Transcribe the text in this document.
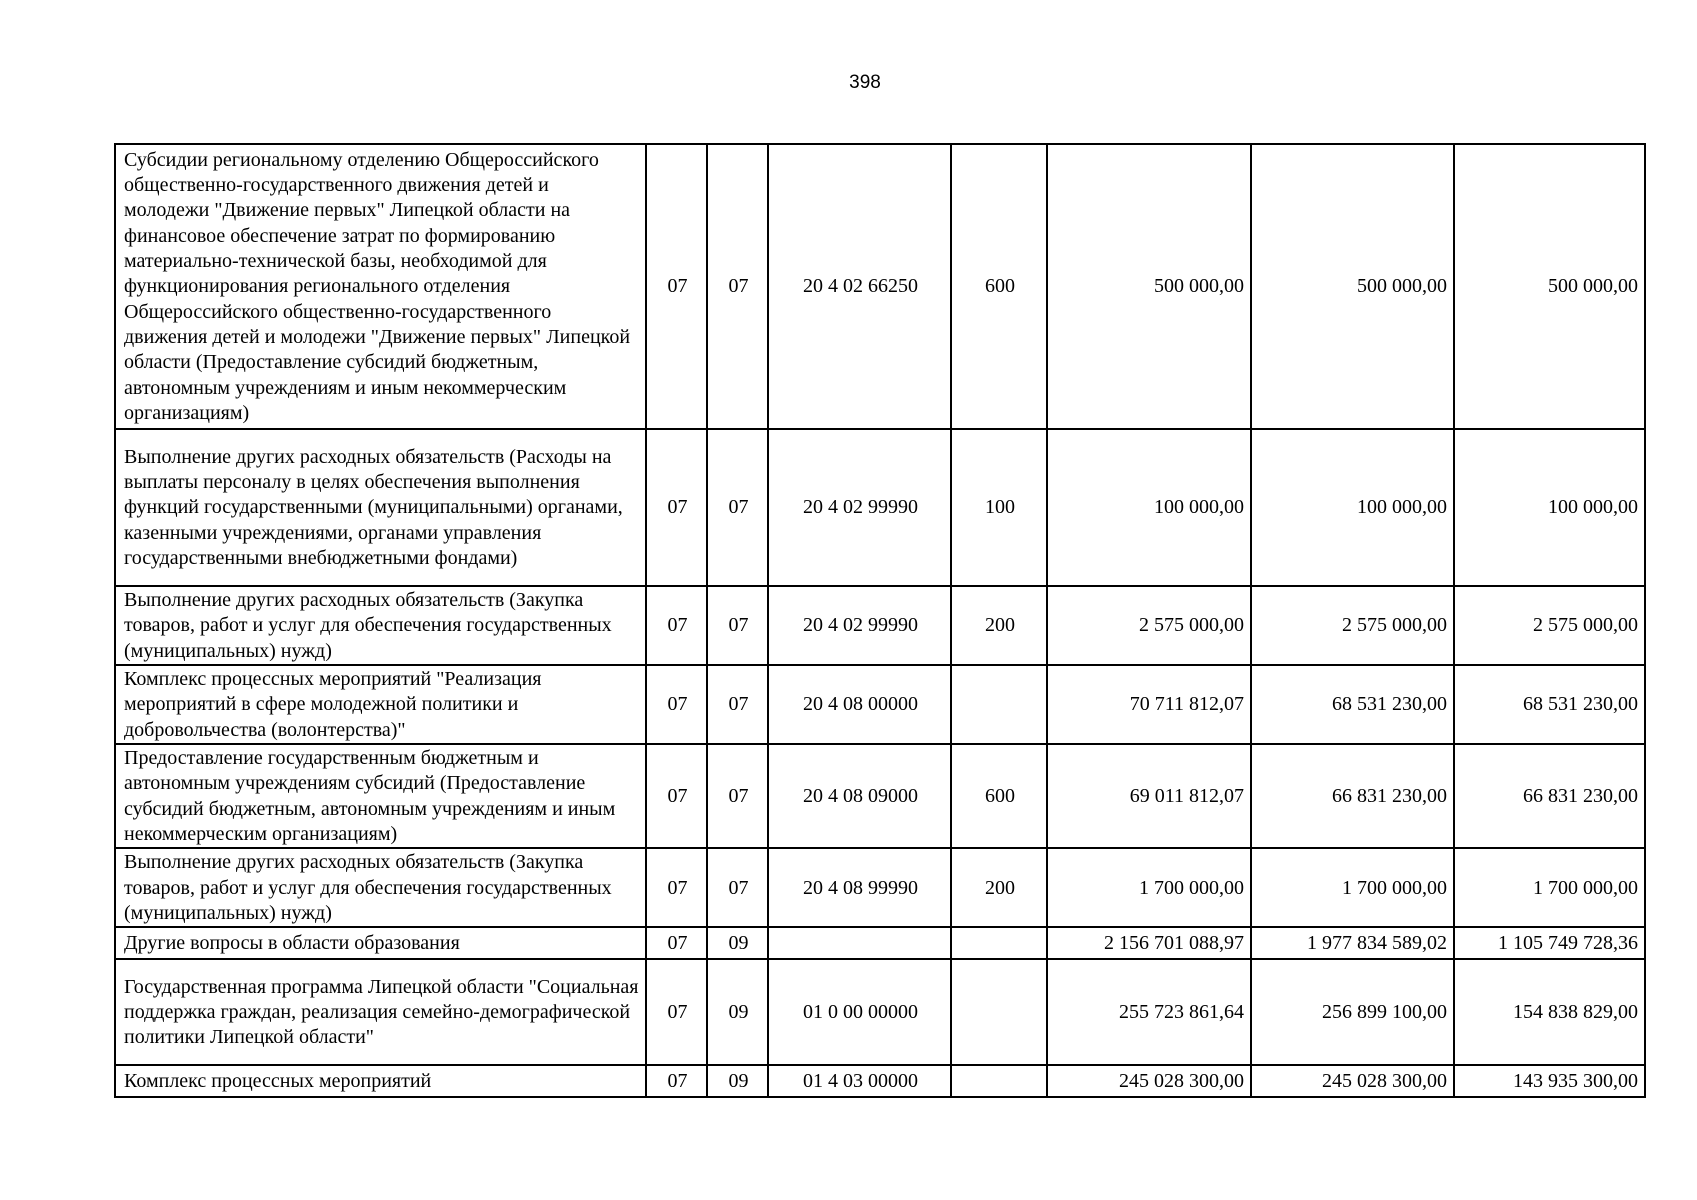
398
Субсидии региональному отделению Общероссийского общественно-государственного движения детей и молодежи "Движение первых" Липецкой области на финансовое обеспечение затрат по формированию материально-технической базы, необходимой для функционирования регионального отделения Общероссийского общественно-государственного движения детей и молодежи "Движение первых" Липецкой области (Предоставление субсидий бюджетным, автономным учреждениям и иным некоммерческим организациям)	07	07	20 4 02 66250	600	500 000,00	500 000,00	500 000,00
Выполнение других расходных обязательств (Расходы на выплаты персоналу в целях обеспечения выполнения функций государственными (муниципальными) органами, казенными учреждениями, органами управления государственными внебюджетными фондами)	07	07	20 4 02 99990	100	100 000,00	100 000,00	100 000,00
Выполнение других расходных обязательств (Закупка товаров, работ и услуг для обеспечения государственных (муниципальных) нужд)	07	07	20 4 02 99990	200	2 575 000,00	2 575 000,00	2 575 000,00
Комплекс процессных мероприятий "Реализация мероприятий в сфере молодежной политики и добровольчества (волонтерства)"	07	07	20 4 08 00000		70 711 812,07	68 531 230,00	68 531 230,00
Предоставление государственным бюджетным и автономным учреждениям субсидий (Предоставление субсидий бюджетным, автономным учреждениям и иным некоммерческим организациям)	07	07	20 4 08 09000	600	69 011 812,07	66 831 230,00	66 831 230,00
Выполнение других расходных обязательств (Закупка товаров, работ и услуг для обеспечения государственных (муниципальных) нужд)	07	07	20 4 08 99990	200	1 700 000,00	1 700 000,00	1 700 000,00
Другие вопросы в области образования	07	09			2 156 701 088,97	1 977 834 589,02	1 105 749 728,36
Государственная программа Липецкой области "Социальная поддержка граждан, реализация семейно-демографической политики Липецкой области"	07	09	01 0 00 00000		255 723 861,64	256 899 100,00	154 838 829,00
Комплекс процессных мероприятий	07	09	01 4 03 00000		245 028 300,00	245 028 300,00	143 935 300,00
